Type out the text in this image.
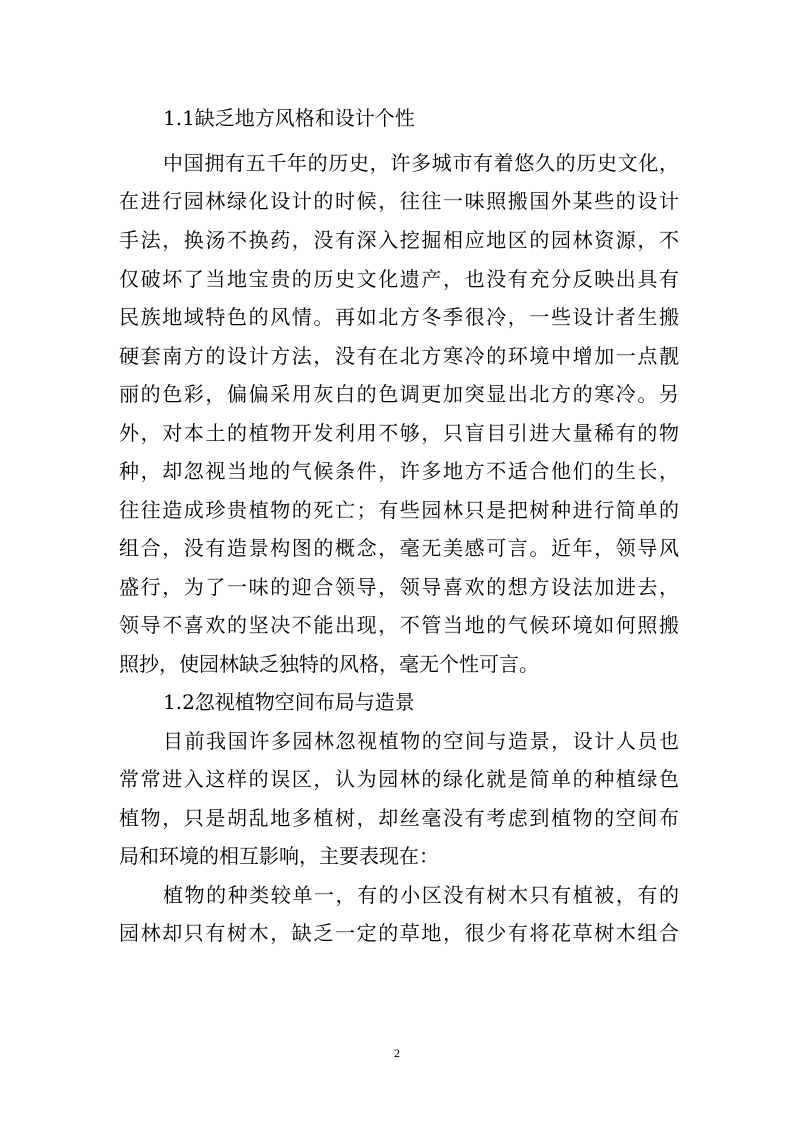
1.1缺乏地方风格和设计个性
中国拥有五千年的历史，许多城市有着悠久的历史文化，
在进行园林绿化设计的时候，往往一味照搬国外某些的设计
手法，换汤不换药，没有深入挖掘相应地区的园林资源，不
仅破坏了当地宝贵的历史文化遗产，也没有充分反映出具有
民族地域特色的风情。再如北方冬季很冷，一些设计者生搬
硬套南方的设计方法，没有在北方寒冷的环境中增加一点靓
丽的色彩，偏偏采用灰白的色调更加突显出北方的寒冷。另
外，对本土的植物开发利用不够，只盲目引进大量稀有的物
种，却忽视当地的气候条件，许多地方不适合他们的生长，
往往造成珍贵植物的死亡；有些园林只是把树种进行简单的
组合，没有造景构图的概念，毫无美感可言。近年，领导风
盛行，为了一味的迎合领导，领导喜欢的想方设法加进去，
领导不喜欢的坚决不能出现，不管当地的气候环境如何照搬
照抄，使园林缺乏独特的风格，毫无个性可言。
1.2忽视植物空间布局与造景
目前我国许多园林忽视植物的空间与造景，设计人员也
常常进入这样的误区，认为园林的绿化就是简单的种植绿色
植物，只是胡乱地多植树，却丝毫没有考虑到植物的空间布
局和环境的相互影响，主要表现在：
植物的种类较单一，有的小区没有树木只有植被，有的
园林却只有树木，缺乏一定的草地，很少有将花草树木组合
2
